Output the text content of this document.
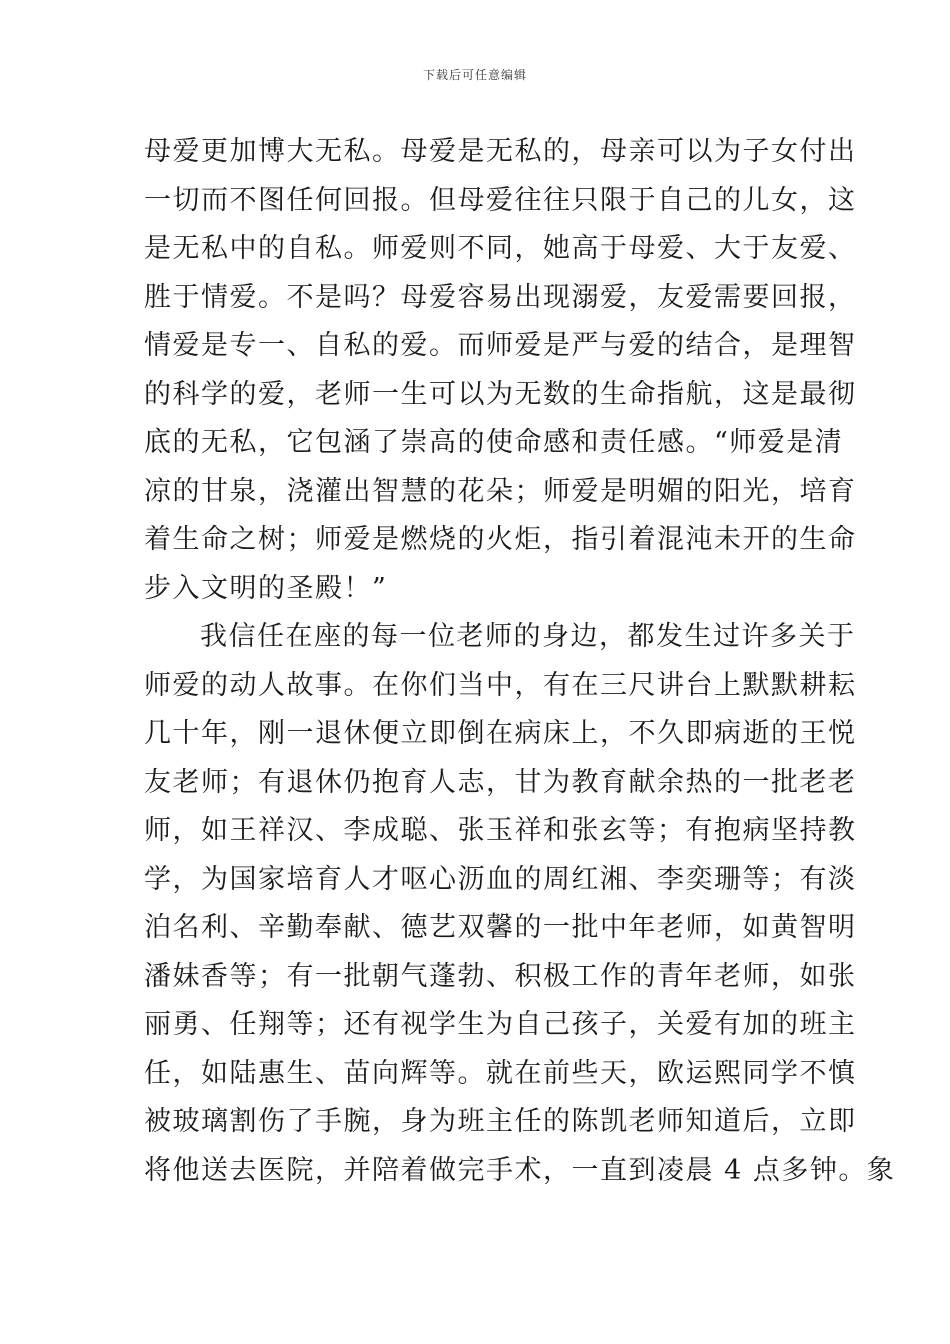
下载后可任意编辑
母爱更加博大无私。母爱是无私的，母亲可以为子女付出
一切而不图任何回报。但母爱往往只限于自己的儿女，这
是无私中的自私。师爱则不同，她高于母爱、大于友爱、
胜于情爱。不是吗？母爱容易出现溺爱，友爱需要回报，
情爱是专一、自私的爱。而师爱是严与爱的结合，是理智
的科学的爱，老师一生可以为无数的生命指航，这是最彻
底的无私，它包涵了崇高的使命感和责任感。“师爱是清
凉的甘泉，浇灌出智慧的花朵；师爱是明媚的阳光，培育
着生命之树；师爱是燃烧的火炬，指引着混沌未开的生命
步入文明的圣殿！”
我信任在座的每一位老师的身边，都发生过许多关于
师爱的动人故事。在你们当中，有在三尺讲台上默默耕耘
几十年，刚一退休便立即倒在病床上，不久即病逝的王悦
友老师；有退休仍抱育人志，甘为教育献余热的一批老老
师，如王祥汉、李成聪、张玉祥和张玄等；有抱病坚持教
学，为国家培育人才呕心沥血的周红湘、李奕珊等；有淡
泊名利、辛勤奉献、德艺双馨的一批中年老师，如黄智明
潘妹香等；有一批朝气蓬勃、积极工作的青年老师，如张
丽勇、任翔等；还有视学生为自己孩子，关爱有加的班主
任，如陆惠生、苗向辉等。就在前些天，欧运熙同学不慎
被玻璃割伤了手腕，身为班主任的陈凯老师知道后，立即
将他送去医院，并陪着做完手术，一直到凌晨 4 点多钟。象
